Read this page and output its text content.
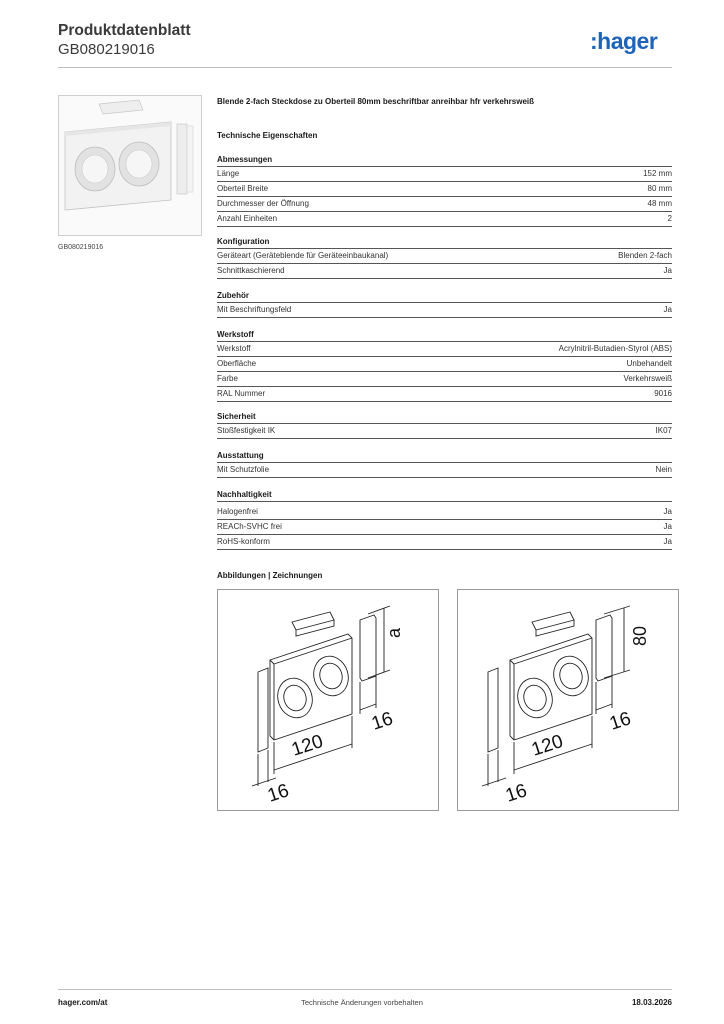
Produktdatenblatt
GB080219016	:hager
GB080219016
Blende 2-fach Steckdose zu Oberteil 80mm beschriftbar anreihbar hfr verkehrsweiß
Technische Eigenschaften
Abmessungen
Länge	152 mm
Oberteil Breite	80 mm
Durchmesser der Öffnung	48 mm
Anzahl Einheiten	2
Konfiguration
Geräteart (Geräteblende für Geräteeinbaukanal)	Blenden 2-fach
Schnittkaschierend	Ja
Zubehör
Mit Beschriftungsfeld	Ja
Werkstoff
Werkstoff	Acrylnitril-Butadien-Styrol (ABS)
Oberfläche	Unbehandelt
Farbe	Verkehrsweiß
RAL Nummer	9016
Sicherheit
Stoßfestigkeit IK	IK07
Ausstattung
Mit Schutzfolie	Nein
Nachhaltigkeit
Halogenfrei	Ja
REACh-SVHC frei	Ja
RoHS-konform	Ja
Abbildungen | Zeichnungen
a
120
16
16
80
120
16
16
hager.com/at	Technische Änderungen vorbehalten	18.03.2026
